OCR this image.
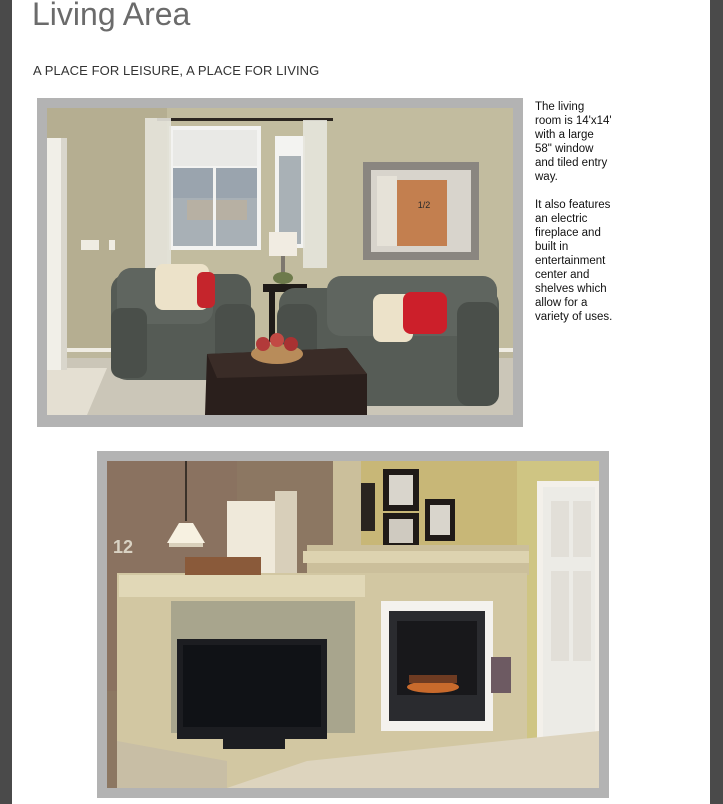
Living Area
A PLACE FOR LEISURE, A PLACE FOR LIVING
1/2

The living room is 14'x14' with a large 58" window and tiled entry way.

It also features an electric fireplace and built in entertainment center and shelves which allow for a variety of uses.

12
